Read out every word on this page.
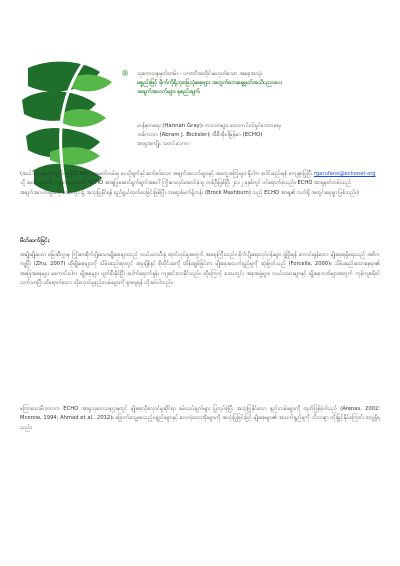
® သုတေသနမှတ်တမ်း - ပကတိအတိုင်းမဟုတ်သော အစေ့အသုံး
မစ္စည်းမြင့် မိုက်ကိုရိုဘုမြေသုံးစေ့များ အတွက်ဘေးရှေ့မှတ်အသိပညာပေး
အချက်အလက်များ စုစည်းချက်
ဟန်နာဂရေး (Hannah Gray)၊ ကားဘာများ တောကင်ဝင်ရှင်ဘေကစရ၊
ဘစ်ကလာ (Abram J. Bicksler)၊ အီစီအိုဝါမြန်မာ (ECHO)
အာရှအကျိုး သတင်းလကာ
(အယ်ဒီတာ၏မှတ်ချက်- ဤECHO အာရှမှတ်တမ်းမှ ပေးပို့ချက်နှင့်ဆက်စပ်သော အချက်အလက်များနှင့် အတွေ့အကြုံများ ရှိပါက ပေါင်းစည်းရန် ကျေးဇူးပြုပြီး rgarufano@echonet.org သို့ ဆက်သွယ်ပါ။ ဟန်နာဂရေးသည် ECHO အာရှပြုဆောင်ရွက်ချက်အပေါ် ကြိုးစားလုပ်ဆောင်ခဲ့သူ တစ်ဦးဖြစ်ပြီး ၂၀၁၂ ခုနှစ်တွင် ဝင်ရောက်ခဲ့သည်။ ECHO အာရှမှတ်တမ်းသည် အချက်အလက်များကို ဒေသတွင်း၌ အသုံးပြုနိုင်ရန် ရည်ရွယ်ထုတ်ဝေခြင်းဖြစ်ပြီး ဘရော့ခ်မက်ရှ်ဘန်း (Brock Mashburn) သည် ECHO အာရှ၏ လက်ရှိ အတွင်းရေးမှူး ဖြစ်သည်။)
မိတ်ဆက်ခြင်း
အမျိုးမျိုးသော မြေဆီလွှာမှ ကြိုးစားစိုက်ပျိုးသောမျိုးစေ့များသည် လယ်ယာသီးနှံ ထုတ်လုပ်မှုအတွက် အရေးကြီးသည်။ စိုက်ပျိုးရေးလုပ်ငန်းများ ဖွံ့ဖြိုးရန် ကောင်းမွန်သော မျိုးစေ့ရရှိရေးသည် အဓိကကျပြီး (Zhu, 2007) ထိုမျိုးစေ့များကို သိမ်းဆည်းရာတွင် အပူချိန်နှင့် စိုထိုင်းဆကို ထိန်းချုပ်ခြင်းက မျိုးစေ့အသက်ရှည်မှုကို ဆုံးဖြတ်သည် (Forcella, 2000)။ သိမ်းဆည်းသောနေရာ၏ အခြေအနေများ မကောင်းပါက မျိုးစေ့များ ပျက်စီးနိုင်ပြီး ပေါက်ရောက်နှုန်း ကျဆင်းလာနိုင်သည်။ ထို့ကြောင့် ဒေသတွင်း အစုအဖွဲ့များ၊ လယ်သမားများနှင့် မျိုးစေ့ဘဏ်များအတွက် ကုန်ကျစရိတ်သက်သာပြီး ထိရောက်သော သိုလှောင်မှုနည်းလမ်းများကို ရှာဖွေရန် လိုအပ်ပါသည်။
မကြာသေးမီကာလက ECHO အာရှသုတေသနဌာနတွင် မျိုးစေ့သိုလှောင်မှုဆိုင်ရာ စမ်းသပ်ချက်များ ပြုလုပ်ခဲ့ပြီး အသုံးပြုနိုင်သော နည်းလမ်းများကို ထုတ်ပြန်ခဲ့ပါသည် (Arenas, 2002; Mcerow, 1994; Ahmad et al., 2012)။ ခြောက်သွေ့စေသည့်ပစ္စည်းများနှင့် လေလုံသောအိုးများကို အသုံးပြုခြင်းဖြင့် မျိုးစေ့များ၏ အသက်ရှည်မှုကို သိသာစွာ တိုးမြှင့်နိုင်ကြောင်း တွေ့ရှိရသည်။
